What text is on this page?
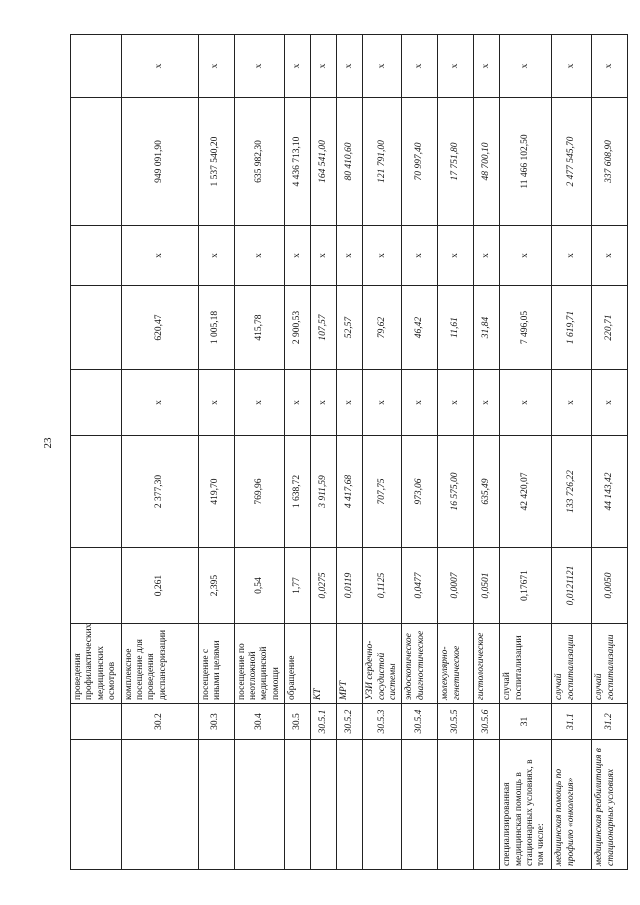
23
		проведения профилактических медицинских осмотров							
	30.2	комплексное посещение для проведения диспансеризации	0,261	2 377,30	х	620,47	х	949 091,90	х
	30.3	посещение с иными целями	2,395	419,70	х	1 005,18	х	1 537 540,20	х
	30.4	посещение по неотложной медицинской помощи	0,54	769,96	х	415,78	х	635 982,30	х
	30.5	обращение	1,77	1 638,72	х	2 900,53	х	4 436 713,10	х
	30.5.1	КТ	0,0275	3 911,59	х	107,57	х	164 541,00	х
	30.5.2	МРТ	0,0119	4 417,68	х	52,57	х	80 410,60	х
	30.5.3	УЗИ сердечно-сосудистой системы	0,1125	707,75	х	79,62	х	121 791,00	х
	30.5.4	эндоскопическое диагностическое	0,0477	973,06	х	46,42	х	70 997,40	х
	30.5.5	молекулярно-генетическое	0,0007	16 575,00	х	11,61	х	17 751,80	х
	30.5.6	гистологическое	0,0501	635,49	х	31,84	х	48 700,10	х
специализированная медицинская помощь в стационарных условиях, в том числе:	31	случай госпитализации	0,17671	42 420,07	х	7 496,05	х	11 466 102,50	х
медицинская помощь по профилю «онкология»	31.1	случай госпитализации	0,0121121	133 726,22	х	1 619,71	х	2 477 545,70	х
медицинская реабилитация в стационарных условиях	31.2	случай госпитализации	0,0050	44 143,42	х	220,71	х	337 608,90	х
